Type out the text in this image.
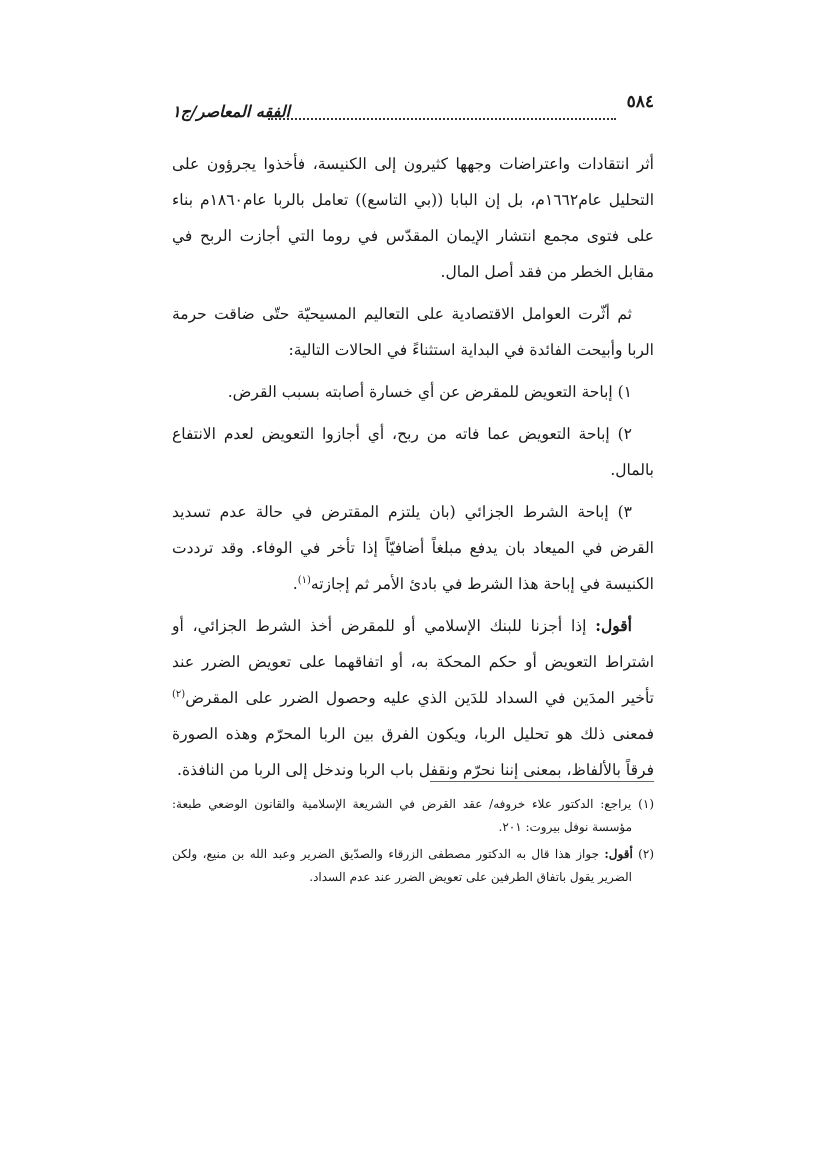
٥٨٤
الفقه المعاصر/ج١

أثر انتقادات واعتراضات وجهها كثيرون إلى الكنيسة، فأخذوا يجرؤون على التحليل عام١٦٦٢م، بل إن البابا ((بي التاسع)) تعامل بالربا عام١٨٦٠م بناء على فتوى مجمع انتشار الإيمان المقدّس في روما التي أجازت الربح في مقابل الخطر من فقد أصل المال.

ثم أثّرت العوامل الاقتصادية على التعاليم المسيحيّة حتّى ضاقت حرمة الربا وأبيحت الفائدة في البداية استثناءً في الحالات التالية:

١) إباحة التعويض للمقرض عن أي خسارة أصابته بسبب القرض.

٢) إباحة التعويض عما فاته من ربح، أي أجازوا التعويض لعدم الانتفاع بالمال.

٣) إباحة الشرط الجزائي (بان يلتزم المقترض في حالة عدم تسديد القرض في الميعاد بان يدفع مبلغاً أضافيّاً إذا تأخر في الوفاء. وقد ترددت الكنيسة في إباحة هذا الشرط في بادئ الأمر ثم إجازته$^{(١)}$.

أقول: إذا أجزنا للبنك الإسلامي أو للمقرض أخذ الشرط الجزائي، أو اشتراط التعويض أو حكم المحكة به، أو اتفاقهما على تعويض الضرر عند تأخير المدَين في السداد للدَين الذي عليه وحصول الضرر على المقرض$^{(٢)}$ فمعنى ذلك هو تحليل الربا، ويكون الفرق بين الربا المحرّم وهذه الصورة فرقاً بالألفاظ، بمعنى إننا نحرّم ونقفل باب الربا وندخل إلى الربا من النافذة.

(١) يراجع: الدكتور علاء خروفه/ عقد القرض في الشريعة الإسلامية والقانون الوضعي طبعة: مؤسسة نوفل بيروت: ٢٠١.

(٢) أقول: جواز هذا قال به الدكتور مصطفى الزرقاء والصدّيق الضرير وعبد الله بن منيع، ولكن الضرير يقول باتفاق الطرفين على تعويض الضرر عند عدم السداد.
